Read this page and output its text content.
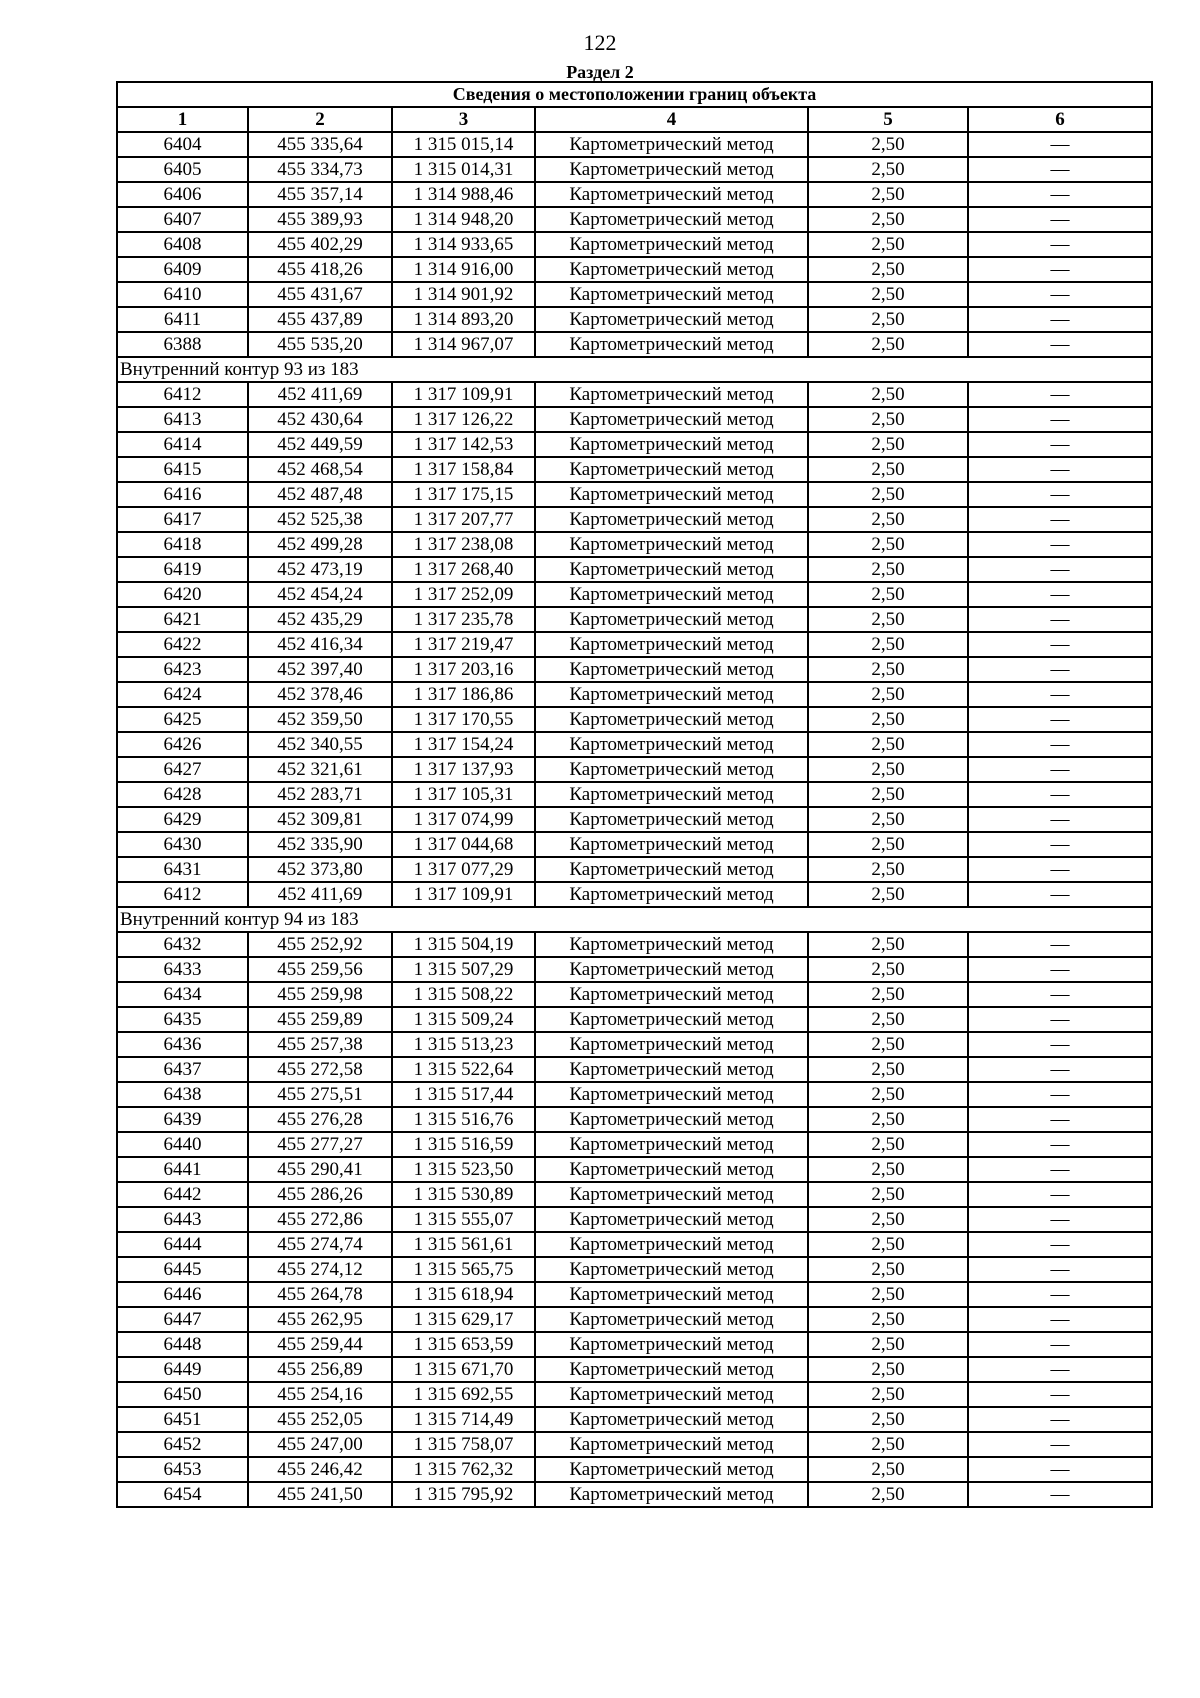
122
Раздел 2
Сведения о местоположении границ объекта					
1	2	3	4	5	6
6404	455 335,64	1 315 015,14	Картометрический метод	2,50	—
6405	455 334,73	1 315 014,31	Картометрический метод	2,50	—
6406	455 357,14	1 314 988,46	Картометрический метод	2,50	—
6407	455 389,93	1 314 948,20	Картометрический метод	2,50	—
6408	455 402,29	1 314 933,65	Картометрический метод	2,50	—
6409	455 418,26	1 314 916,00	Картометрический метод	2,50	—
6410	455 431,67	1 314 901,92	Картометрический метод	2,50	—
6411	455 437,89	1 314 893,20	Картометрический метод	2,50	—
6388	455 535,20	1 314 967,07	Картометрический метод	2,50	—
Внутренний контур 93 из 183					
6412	452 411,69	1 317 109,91	Картометрический метод	2,50	—
6413	452 430,64	1 317 126,22	Картометрический метод	2,50	—
6414	452 449,59	1 317 142,53	Картометрический метод	2,50	—
6415	452 468,54	1 317 158,84	Картометрический метод	2,50	—
6416	452 487,48	1 317 175,15	Картометрический метод	2,50	—
6417	452 525,38	1 317 207,77	Картометрический метод	2,50	—
6418	452 499,28	1 317 238,08	Картометрический метод	2,50	—
6419	452 473,19	1 317 268,40	Картометрический метод	2,50	—
6420	452 454,24	1 317 252,09	Картометрический метод	2,50	—
6421	452 435,29	1 317 235,78	Картометрический метод	2,50	—
6422	452 416,34	1 317 219,47	Картометрический метод	2,50	—
6423	452 397,40	1 317 203,16	Картометрический метод	2,50	—
6424	452 378,46	1 317 186,86	Картометрический метод	2,50	—
6425	452 359,50	1 317 170,55	Картометрический метод	2,50	—
6426	452 340,55	1 317 154,24	Картометрический метод	2,50	—
6427	452 321,61	1 317 137,93	Картометрический метод	2,50	—
6428	452 283,71	1 317 105,31	Картометрический метод	2,50	—
6429	452 309,81	1 317 074,99	Картометрический метод	2,50	—
6430	452 335,90	1 317 044,68	Картометрический метод	2,50	—
6431	452 373,80	1 317 077,29	Картометрический метод	2,50	—
6412	452 411,69	1 317 109,91	Картометрический метод	2,50	—
Внутренний контур 94 из 183					
6432	455 252,92	1 315 504,19	Картометрический метод	2,50	—
6433	455 259,56	1 315 507,29	Картометрический метод	2,50	—
6434	455 259,98	1 315 508,22	Картометрический метод	2,50	—
6435	455 259,89	1 315 509,24	Картометрический метод	2,50	—
6436	455 257,38	1 315 513,23	Картометрический метод	2,50	—
6437	455 272,58	1 315 522,64	Картометрический метод	2,50	—
6438	455 275,51	1 315 517,44	Картометрический метод	2,50	—
6439	455 276,28	1 315 516,76	Картометрический метод	2,50	—
6440	455 277,27	1 315 516,59	Картометрический метод	2,50	—
6441	455 290,41	1 315 523,50	Картометрический метод	2,50	—
6442	455 286,26	1 315 530,89	Картометрический метод	2,50	—
6443	455 272,86	1 315 555,07	Картометрический метод	2,50	—
6444	455 274,74	1 315 561,61	Картометрический метод	2,50	—
6445	455 274,12	1 315 565,75	Картометрический метод	2,50	—
6446	455 264,78	1 315 618,94	Картометрический метод	2,50	—
6447	455 262,95	1 315 629,17	Картометрический метод	2,50	—
6448	455 259,44	1 315 653,59	Картометрический метод	2,50	—
6449	455 256,89	1 315 671,70	Картометрический метод	2,50	—
6450	455 254,16	1 315 692,55	Картометрический метод	2,50	—
6451	455 252,05	1 315 714,49	Картометрический метод	2,50	—
6452	455 247,00	1 315 758,07	Картометрический метод	2,50	—
6453	455 246,42	1 315 762,32	Картометрический метод	2,50	—
6454	455 241,50	1 315 795,92	Картометрический метод	2,50	—
